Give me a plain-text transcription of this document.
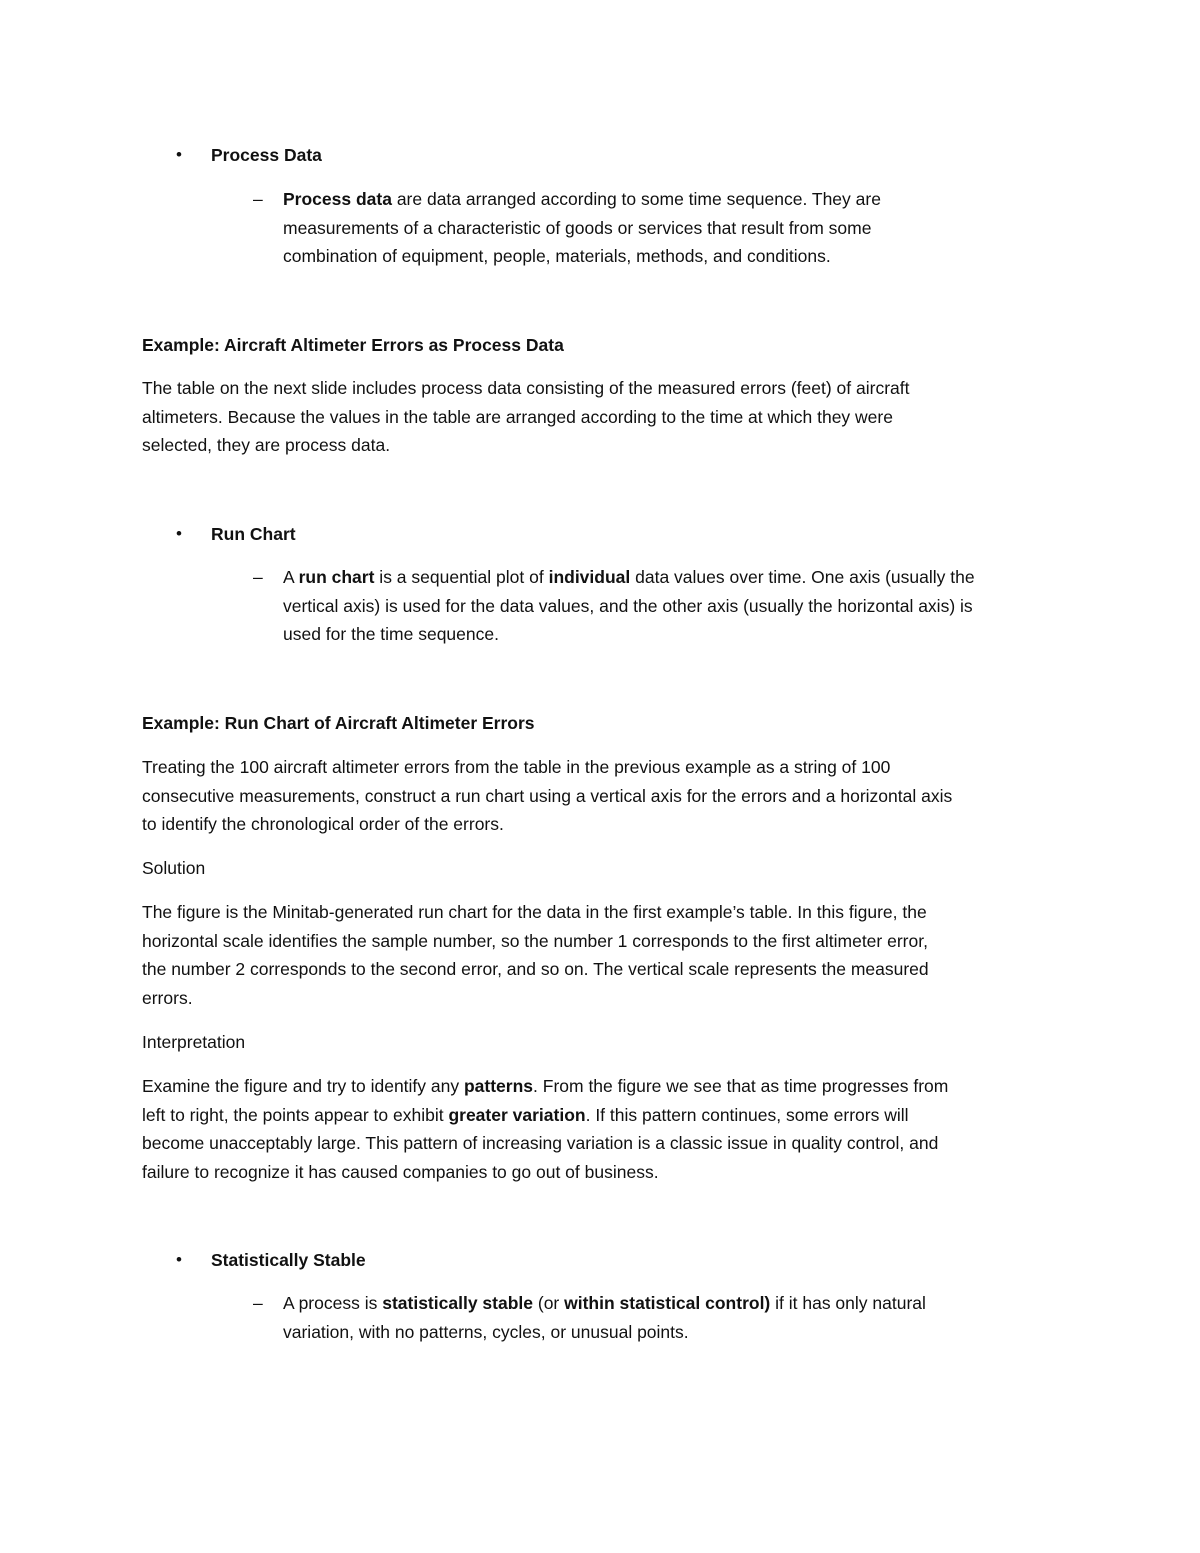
• Process Data
– Process data are data arranged according to some time sequence. They are
measurements of a characteristic of goods or services that result from some
combination of equipment, people, materials, methods, and conditions.
Example: Aircraft Altimeter Errors as Process Data
The table on the next slide includes process data consisting of the measured errors (feet) of aircraft
altimeters. Because the values in the table are arranged according to the time at which they were
selected, they are process data.
• Run Chart
– A run chart is a sequential plot of individual data values over time. One axis (usually the
vertical axis) is used for the data values, and the other axis (usually the horizontal axis) is
used for the time sequence.
Example: Run Chart of Aircraft Altimeter Errors
Treating the 100 aircraft altimeter errors from the table in the previous example as a string of 100
consecutive measurements, construct a run chart using a vertical axis for the errors and a horizontal axis
to identify the chronological order of the errors.
Solution
The figure is the Minitab-generated run chart for the data in the first example’s table. In this figure, the
horizontal scale identifies the sample number, so the number 1 corresponds to the first altimeter error,
the number 2 corresponds to the second error, and so on. The vertical scale represents the measured
errors.
Interpretation
Examine the figure and try to identify any patterns. From the figure we see that as time progresses from
left to right, the points appear to exhibit greater variation. If this pattern continues, some errors will
become unacceptably large. This pattern of increasing variation is a classic issue in quality control, and
failure to recognize it has caused companies to go out of business.
• Statistically Stable
– A process is statistically stable (or within statistical control) if it has only natural
variation, with no patterns, cycles, or unusual points.
